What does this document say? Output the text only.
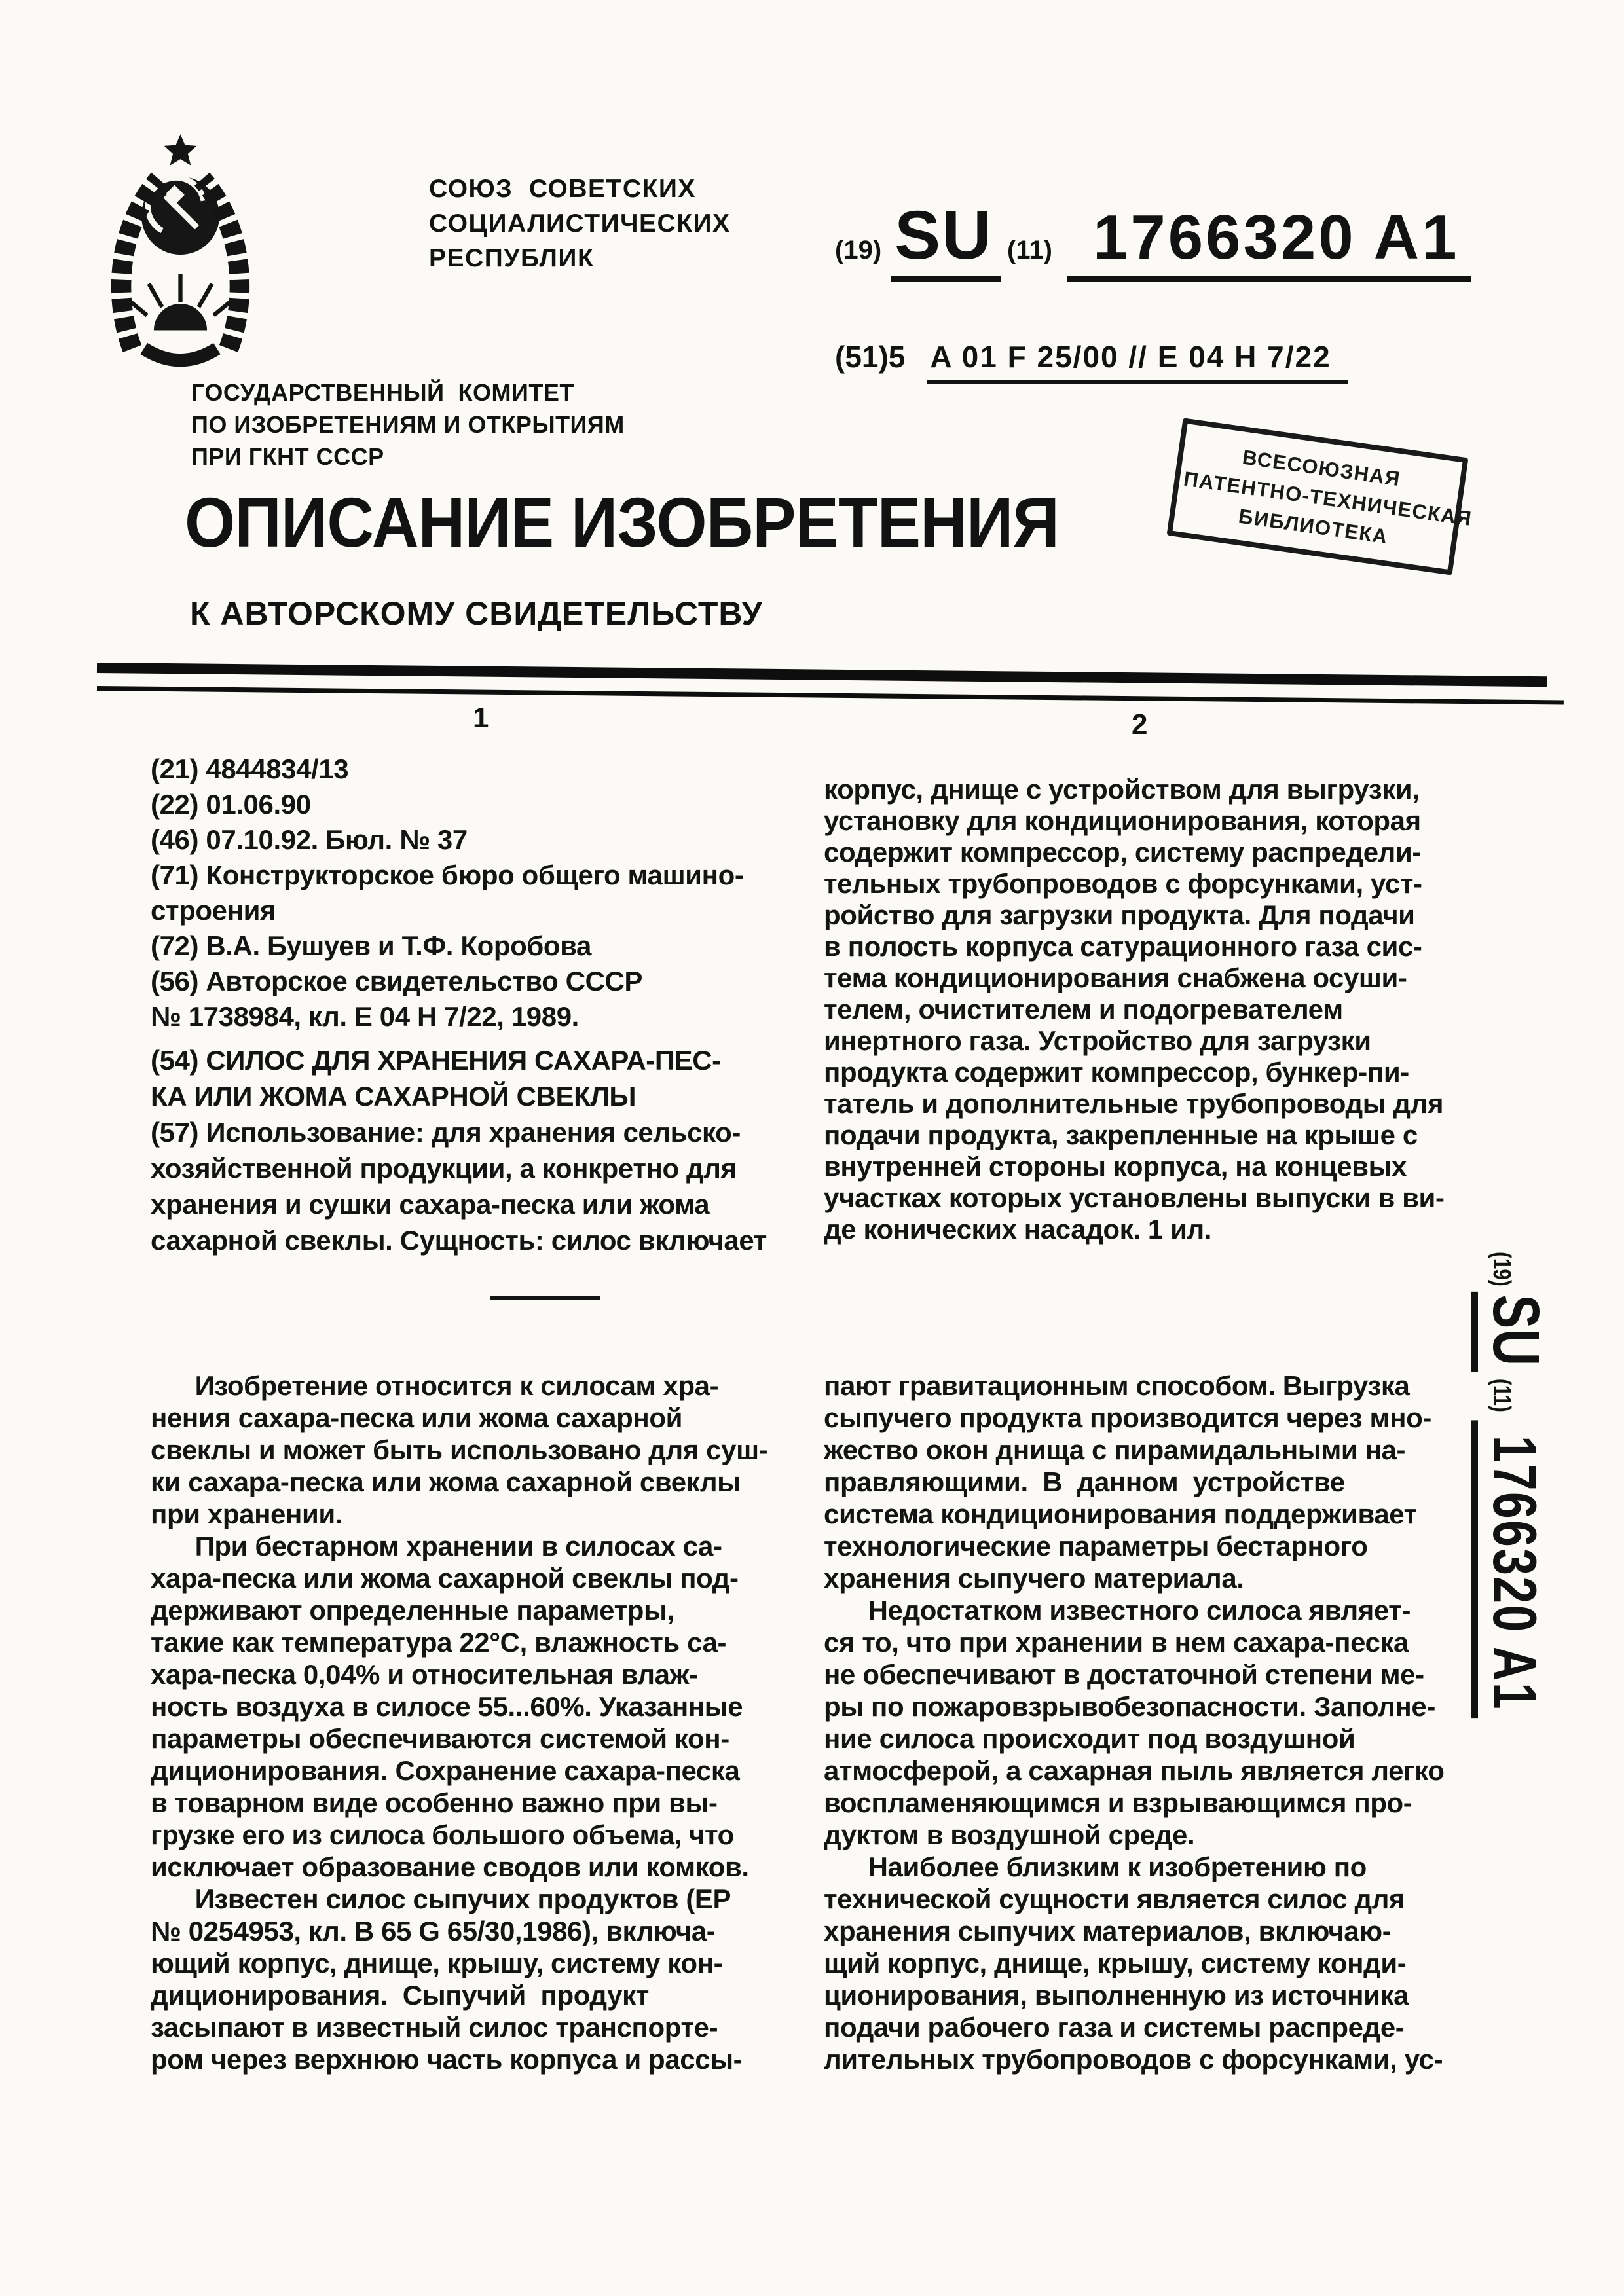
СОЮЗ  СОВЕТСКИХ
СОЦИАЛИСТИЧЕСКИХ
РЕСПУБЛИК	(19) SU (11) 1766320 A1
(51)5 A 01 F 25/00 // E 04 H 7/22
ГОСУДАРСТВЕННЫЙ  КОМИТЕТ
ПО ИЗОБРЕТЕНИЯМ И ОТКРЫТИЯМ
ПРИ ГКНТ СССР	ВСЕСОЮЗНАЯ
ПАТЕНТНО-ТЕХНИЧЕСКАЯ
БИБЛИОТЕКА
ОПИСАНИЕ ИЗОБРЕТЕНИЯ
К АВТОРСКОМУ СВИДЕТЕЛЬСТВУ
1	2
(21) 4844834/13
(22) 01.06.90
(46) 07.10.92. Бюл. № 37
(71) Конструкторское бюро общего машино-
строения
(72) В.А. Бушуев и Т.Ф. Коробова
(56) Авторское свидетельство СССР
№ 1738984, кл. Е 04 Н 7/22, 1989.
(54) СИЛОС ДЛЯ ХРАНЕНИЯ САХАРА-ПЕС-
КА ИЛИ ЖОМА САХАРНОЙ СВЕКЛЫ
(57) Использование: для хранения сельско-
хозяйственной продукции, а конкретно для
хранения и сушки сахара-песка или жома
сахарной свеклы. Сущность: силос включает
корпус, днище с устройством для выгрузки,
установку для кондиционирования, которая
содержит компрессор, систему распредели-
тельных трубопроводов с форсунками, уст-
ройство для загрузки продукта. Для подачи
в полость корпуса сатурационного газа сис-
тема кондиционирования снабжена осуши-
телем, очистителем и подогревателем
инертного газа. Устройство для загрузки
продукта содержит компрессор, бункер-пи-
татель и дополнительные трубопроводы для
подачи продукта, закрепленные на крыше с
внутренней стороны корпуса, на концевых
участках которых установлены выпуски в ви-
де конических насадок. 1 ил.
Изобретение относится к силосам хра-
нения сахара-песка или жома сахарной
свеклы и может быть использовано для суш-
ки сахара-песка или жома сахарной свеклы
при хранении.
При бестарном хранении в силосах са-
хара-песка или жома сахарной свеклы под-
держивают определенные параметры,
такие как температура 22°С, влажность са-
хара-песка 0,04% и относительная влаж-
ность воздуха в силосе 55...60%. Указанные
параметры обеспечиваются системой кон-
диционирования. Сохранение сахара-песка
в товарном виде особенно важно при вы-
грузке его из силоса большого объема, что
исключает образование сводов или комков.
Известен силос сыпучих продуктов (ЕР
№ 0254953, кл. В 65 G 65/30,1986), включа-
ющий корпус, днище, крышу, систему кон-
диционирования.  Сыпучий  продукт
засыпают в известный силос транспорте-
ром через верхнюю часть корпуса и рассы-
пают гравитационным способом. Выгрузка
сыпучего продукта производится через мно-
жество окон днища с пирамидальными на-
правляющими.  В  данном  устройстве
система кондиционирования поддерживает
технологические параметры бестарного
хранения сыпучего материала.
Недостатком известного силоса являет-
ся то, что при хранении в нем сахара-песка
не обеспечивают в достаточной степени ме-
ры по пожаровзрывобезопасности. Заполне-
ние силоса происходит под воздушной
атмосферой, а сахарная пыль является легко
воспламеняющимся и взрывающимся про-
дуктом в воздушной среде.
Наиболее близким к изобретению по
технической сущности является силос для
хранения сыпучих материалов, включаю-
щий корпус, днище, крышу, систему конди-
ционирования, выполненную из источника
подачи рабочего газа и системы распреде-
лительных трубопроводов с форсунками, ус-
(19)
SU
(11)
1766320 A1
